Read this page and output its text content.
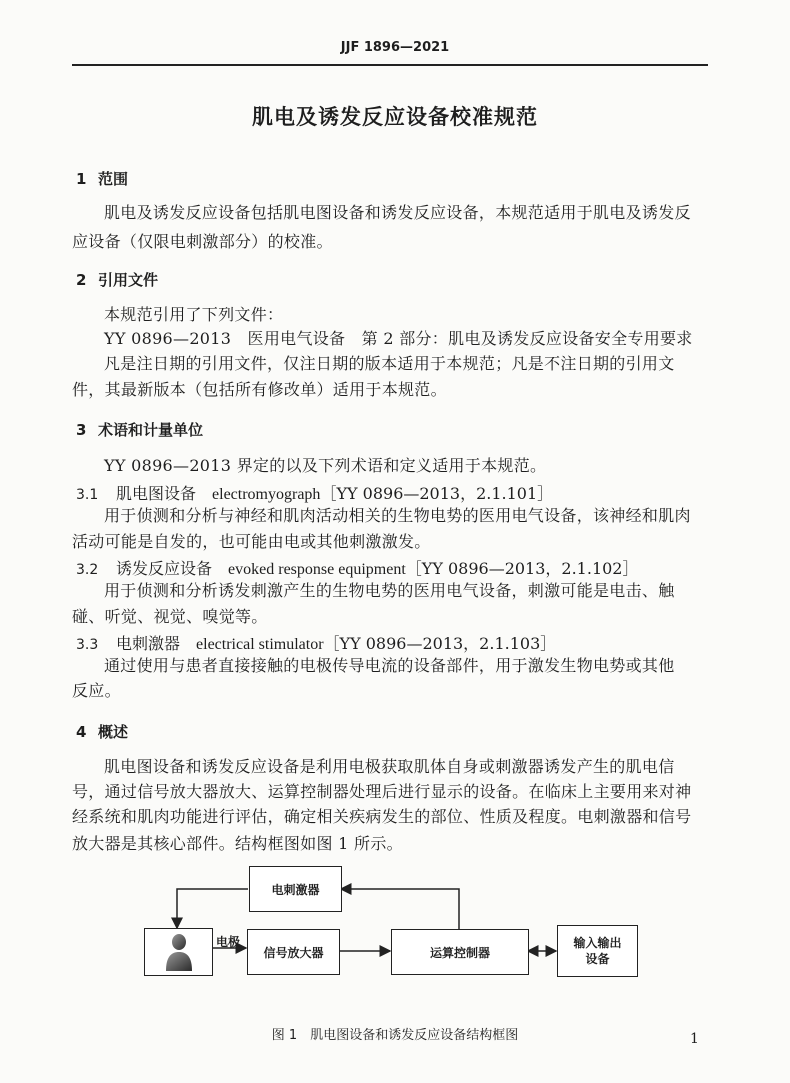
JJF 1896—2021
肌电及诱发反应设备校准规范
1 范围
肌电及诱发反应设备包括肌电图设备和诱发反应设备，本规范适用于肌电及诱发反
应设备（仅限电刺激部分）的校准。
2 引用文件
本规范引用了下列文件：
YY 0896—2013　医用电气设备　第 2 部分：肌电及诱发反应设备安全专用要求
凡是注日期的引用文件，仅注日期的版本适用于本规范；凡是不注日期的引用文
件，其最新版本（包括所有修改单）适用于本规范。
3 术语和计量单位
YY 0896—2013 界定的以及下列术语和定义适用于本规范。
3.1 肌电图设备　 electromyograph［YY 0896—2013，2.1.101］
用于侦测和分析与神经和肌肉活动相关的生物电势的医用电气设备，该神经和肌肉
活动可能是自发的，也可能由电或其他刺激激发。
3.2 诱发反应设备　 evoked response equipment［YY 0896—2013，2.1.102］
用于侦测和分析诱发刺激产生的生物电势的医用电气设备，刺激可能是电击、触
碰、听觉、视觉、嗅觉等。
3.3 电刺激器　 electrical stimulator［YY 0896—2013，2.1.103］
通过使用与患者直接接触的电极传导电流的设备部件，用于激发生物电势或其他
反应。
4 概述
肌电图设备和诱发反应设备是利用电极获取肌体自身或刺激器诱发产生的肌电信
号，通过信号放大器放大、运算控制器处理后进行显示的设备。在临床上主要用来对神
经系统和肌肉功能进行评估，确定相关疾病发生的部位、性质及程度。电刺激器和信号
放大器是其核心部件。结构框图如图 1 所示。
电刺激器
电极
信号放大器	运算控制器
输入输出
设备
图 1　肌电图设备和诱发反应设备结构框图	1
